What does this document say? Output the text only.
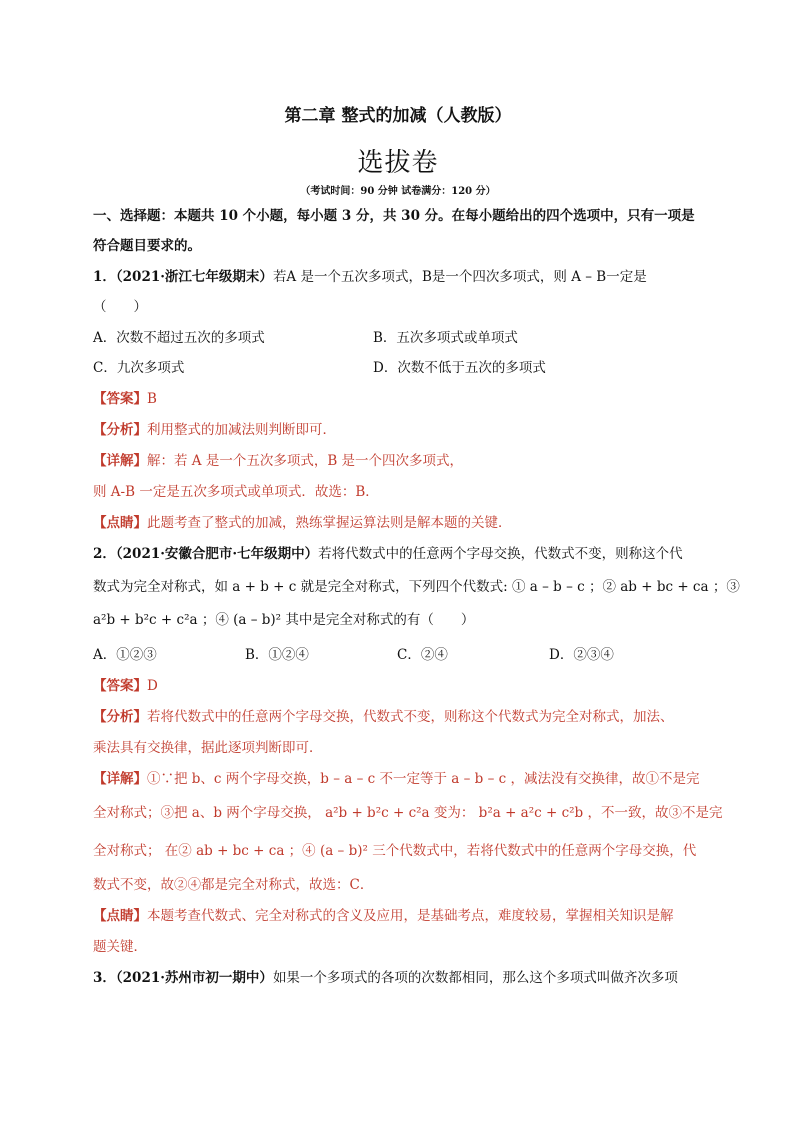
第二章 整式的加减（人教版）
选拔卷
（考试时间：90 分钟 试卷满分：120 分）

一、选择题：本题共 10 个小题，每小题 3 分，共 30 分。在每小题给出的四个选项中，只有一项是

符合题目要求的。

1．（2021·浙江七年级期末）若A 是一个五次多项式，B是一个四次多项式，则 A – B一定是

（　　）

A．次数不超过五次的多项式	B．五次多项式或单项式
C．九次多项式	D．次数不低于五次的多项式

【答案】B

【分析】利用整式的加减法则判断即可．

【详解】解：若 A 是一个五次多项式，B 是一个四次多项式，

则 A-B 一定是五次多项式或单项式．故选：B．

【点睛】此题考查了整式的加减，熟练掌握运算法则是解本题的关键．

2．（2021·安徽合肥市·七年级期中）若将代数式中的任意两个字母交换，代数式不变，则称这个代

数式为完全对称式，如 a + b + c 就是完全对称式，下列四个代数式: ① a – b – c ；② ab + bc + ca ；③

a²b + b²c + c²a ；④ (a – b)² 其中是完全对称式的有（　　）

A．①②③	B．①②④	C．②④	D．②③④

【答案】D

【分析】若将代数式中的任意两个字母交换，代数式不变，则称这个代数式为完全对称式，加法、

乘法具有交换律，据此逐项判断即可．

【详解】①∵把 b、c 两个字母交换，b – a – c 不一定等于 a – b – c ，减法没有交换律，故①不是完

全对称式；③把 a、b 两个字母交换， a²b + b²c + c²a 变为： b²a + a²c + c²b ，不一致，故③不是完

全对称式； 在② ab + bc + ca ；④ (a – b)² 三个代数式中，若将代数式中的任意两个字母交换，代

数式不变，故②④都是完全对称式，故选：C．

【点睛】本题考查代数式、完全对称式的含义及应用，是基础考点，难度较易，掌握相关知识是解

题关键．

3．（2021·苏州市初一期中）如果一个多项式的各项的次数都相同，那么这个多项式叫做齐次多项
